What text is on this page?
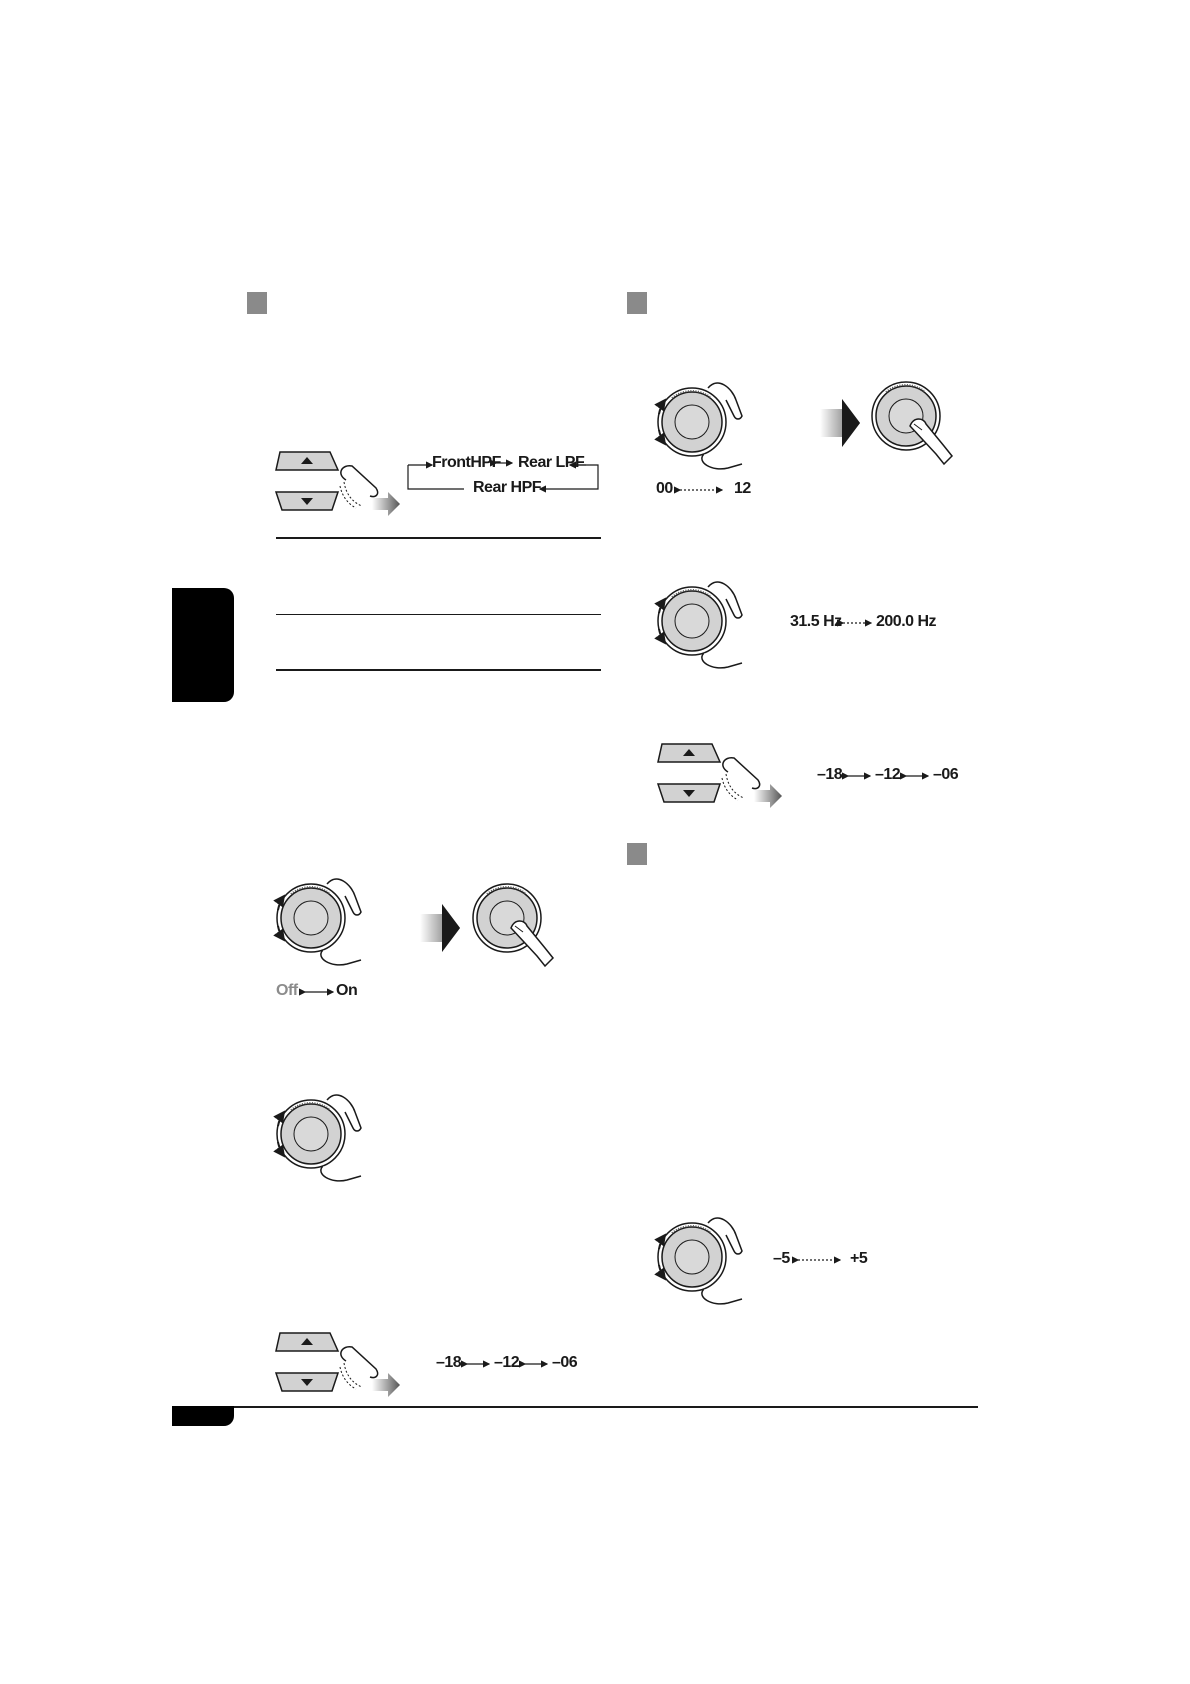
FrontHPF Rear LPF
Rear HPF
Off On
–18 –12 –06
00	12
31.5 Hz 200.0 Hz
–18 –12 –06
–5	+5
